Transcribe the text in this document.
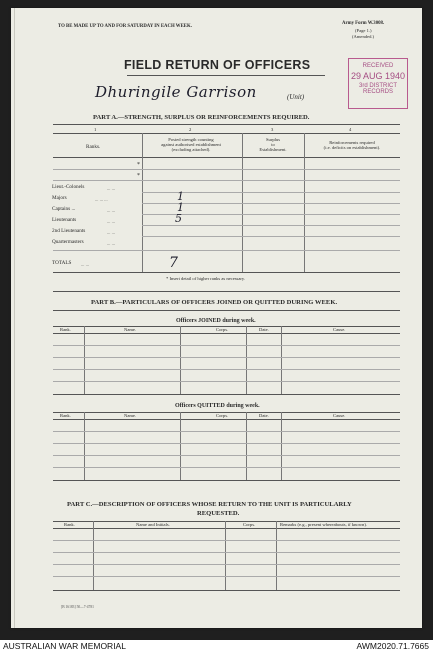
TO BE MADE UP TO AND FOR SATURDAY IN EACH WEEK.
Army Form W.3008.
(Page 1.)
(Amended.)
RECEIVED
29 AUG 1940
3rd DISTRICT
RECORDS
FIELD RETURN OF OFFICERS
Dhuringile Garrison	(Unit)
PART A.—STRENGTH, SURPLUS OR REINFORCEMENTS REQUIRED.
1	2	3	4
Ranks.
Posted strength counting
against authorised establishment
(excluding attached).
Surplus
to
Establishment.
Reinforcements required
(i.e. deficits on establishment).
*
*
Lieut.-Colonels	... ...
Majors	... ... ...	1
Captains ...	... ...	1
Lieutenants	... ...	5
2nd Lieutenants	... ...
Quartermasters	... ...
TOTALS ... ...	7
* Insert detail of higher ranks as necessary.
PART B.—PARTICULARS OF OFFICERS JOINED OR QUITTED DURING WEEK.
Officers JOINED during week.
Rank.	Name.	Corps.	Date.	Cause.
Officers QUITTED during week.
Rank.	Name.	Corps.	Date.	Cause.
PART C.—DESCRIPTION OF OFFICERS WHOSE RETURN TO THE UNIT IS PARTICULARLY
REQUESTED.
Rank.	Name and Initials.	Corps.	Remarks (e.g., present whereabouts, if known).
[B 16183] 50—7-4781
AUSTRALIAN WAR MEMORIAL	AWM2020.71.7665
